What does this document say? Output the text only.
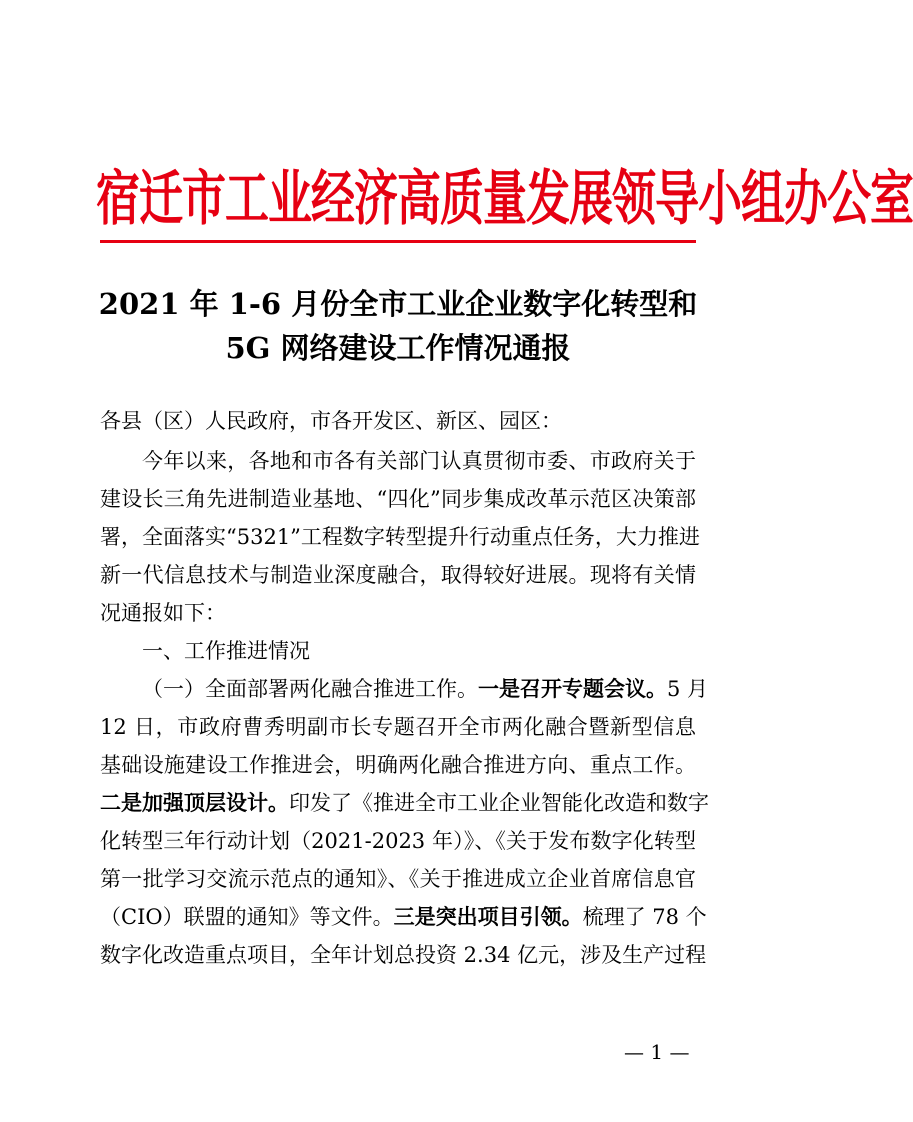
宿迁市工业经济高质量发展领导小组办公室
2021 年 1-6 月份全市工业企业数字化转型和
5G 网络建设工作情况通报
各县（区）人民政府，市各开发区、新区、园区：
今年以来，各地和市各有关部门认真贯彻市委、市政府关于
建设长三角先进制造业基地、“四化”同步集成改革示范区决策部
署，全面落实“5321”工程数字转型提升行动重点任务，大力推进
新一代信息技术与制造业深度融合，取得较好进展。现将有关情
况通报如下：
一、工作推进情况
（一）全面部署两化融合推进工作。一是召开专题会议。5 月
12 日，市政府曹秀明副市长专题召开全市两化融合暨新型信息
基础设施建设工作推进会，明确两化融合推进方向、重点工作。
二是加强顶层设计。印发了《推进全市工业企业智能化改造和数字
化转型三年行动计划（2021-2023 年）》、《关于发布数字化转型
第一批学习交流示范点的通知》、《关于推进成立企业首席信息官
（CIO）联盟的通知》等文件。三是突出项目引领。梳理了 78 个
数字化改造重点项目，全年计划总投资 2.34 亿元，涉及生产过程
— 1 —
